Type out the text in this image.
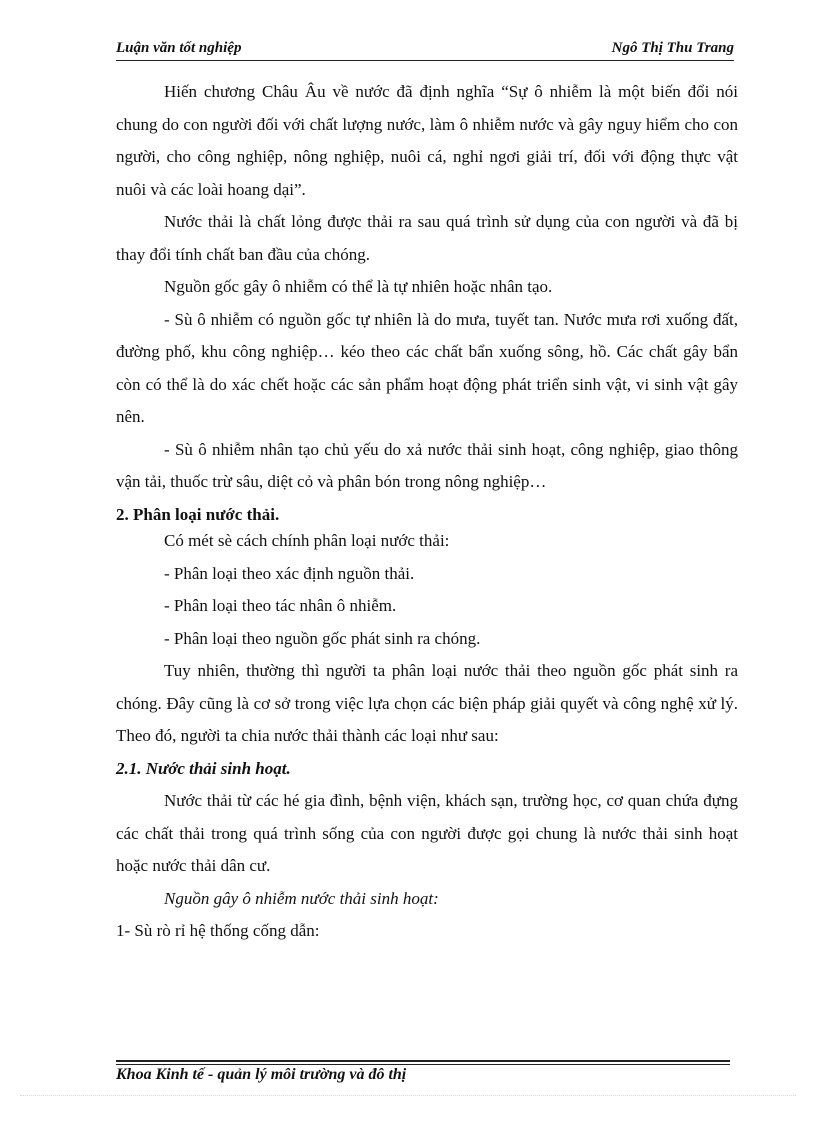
Luận văn tốt nghiệp	Ngô Thị Thu Trang

Hiến chương Châu Âu về nước đã định nghĩa “Sự ô nhiễm là một biến đổi nói chung do con người đối với chất lượng nước, làm ô nhiễm nước và gây nguy hiểm cho con người, cho công nghiệp, nông nghiệp, nuôi cá, nghỉ ngơi giải trí, đối với động thực vật nuôi và các loài hoang dại”.

Nước thải là chất lỏng được thải ra sau quá trình sử dụng của con người và đã bị thay đổi tính chất ban đầu của chóng.

Nguồn gốc gây ô nhiễm có thể là tự nhiên hoặc nhân tạo.

- Sù ô nhiễm có nguồn gốc tự nhiên là do mưa, tuyết tan. Nước mưa rơi xuống đất, đường phố, khu công nghiệp… kéo theo các chất bẩn xuống sông, hồ. Các chất gây bẩn còn có thể là do xác chết hoặc các sản phẩm hoạt động phát triển sinh vật, vi sinh vật gây nên.

- Sù ô nhiễm nhân tạo chủ yếu do xả nước thải sinh hoạt, công nghiệp, giao thông vận tải, thuốc trừ sâu, diệt cỏ và phân bón trong nông nghiệp…

2. Phân loại nước thải.

Có mét sè cách chính phân loại nước thải:

- Phân loại theo xác định nguồn thải.

- Phân loại theo tác nhân ô nhiễm.

- Phân loại theo nguồn gốc phát sinh ra chóng.

Tuy nhiên, thường thì người ta phân loại nước thải theo nguồn gốc phát sinh ra chóng. Đây cũng là cơ sở trong việc lựa chọn các biện pháp giải quyết và công nghệ xử lý. Theo đó, người ta chia nước thải thành các loại như sau:

2.1. Nước thải sinh hoạt.

Nước thải từ các hé gia đình, bệnh viện, khách sạn, trường học, cơ quan chứa đựng các chất thải trong quá trình sống của con người được gọi chung là nước thải sinh hoạt hoặc nước thải dân cư.

Nguồn gây ô nhiễm nước thải sinh hoạt:

1- Sù rò rỉ hệ thống cống dẫn:

Khoa Kinh tế - quản lý môi trường và đô thị
